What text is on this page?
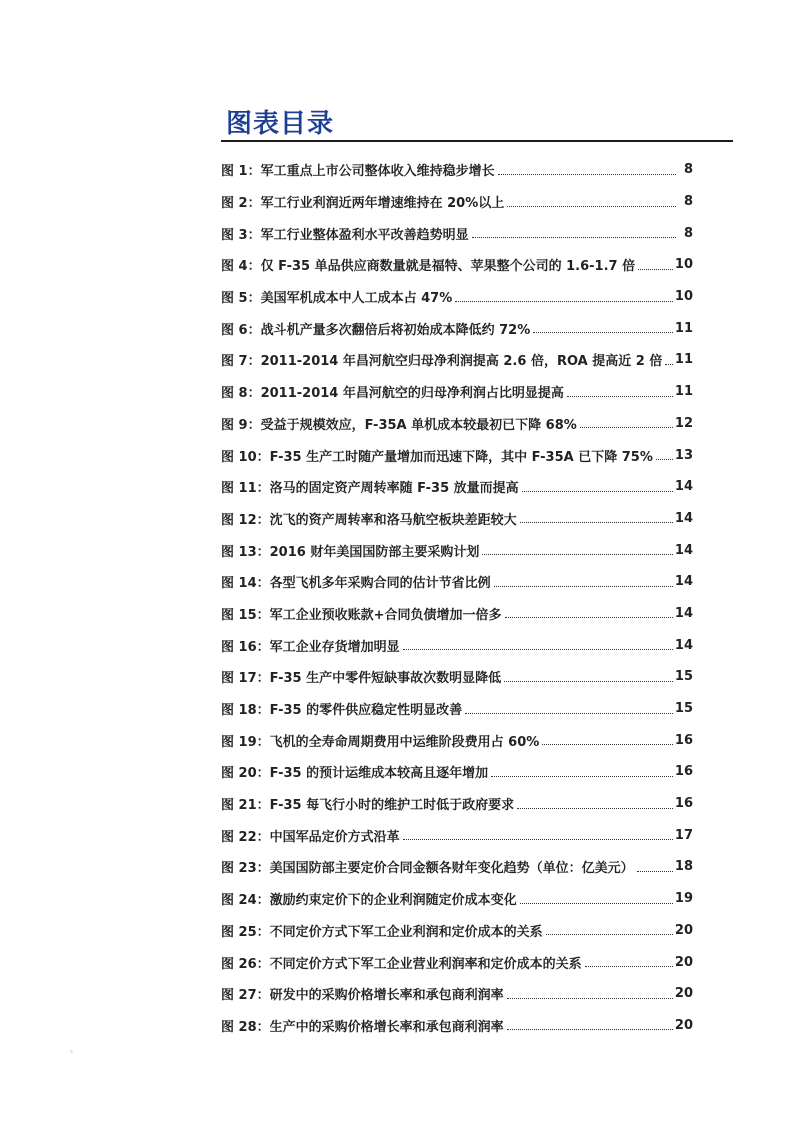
图表目录
图 1： 军工重点上市公司整体收入维持稳步增长	8
图 2： 军工行业利润近两年增速维持在 20%以上	8
图 3： 军工行业整体盈利水平改善趋势明显	8
图 4： 仅 F-35 单品供应商数量就是福特、苹果整个公司的 1.6-1.7 倍	10
图 5： 美国军机成本中人工成本占 47%	10
图 6： 战斗机产量多次翻倍后将初始成本降低约 72%	11
图 7： 2011-2014 年昌河航空归母净利润提高 2.6 倍，ROA 提高近 2 倍 11
图 8： 2011-2014 年昌河航空的归母净利润占比明显提高	11
图 9： 受益于规模效应，F-35A 单机成本较最初已下降 68%	12
图 10： F-35 生产工时随产量增加而迅速下降，其中 F-35A 已下降 75% 13
图 11： 洛马的固定资产周转率随 F-35 放量而提高	14
图 12： 沈飞的资产周转率和洛马航空板块差距较大	14
图 13： 2016 财年美国国防部主要采购计划	14
图 14： 各型飞机多年采购合同的估计节省比例	14
图 15： 军工企业预收账款+合同负债增加一倍多	14
图 16： 军工企业存货增加明显	14
图 17： F-35 生产中零件短缺事故次数明显降低	15
图 18： F-35 的零件供应稳定性明显改善	15
图 19： 飞机的全寿命周期费用中运维阶段费用占 60%	16
图 20： F-35 的预计运维成本较高且逐年增加	16
图 21： F-35 每飞行小时的维护工时低于政府要求	16
图 22： 中国军品定价方式沿革	17
图 23： 美国国防部主要定价合同金额各财年变化趋势（单位：亿美元）	18
图 24： 激励约束定价下的企业利润随定价成本变化	19
图 25： 不同定价方式下军工企业利润和定价成本的关系	20
图 26： 不同定价方式下军工企业营业利润率和定价成本的关系	20
图 27： 研发中的采购价格增长率和承包商利润率	20
图 28： 生产中的采购价格增长率和承包商利润率	20
